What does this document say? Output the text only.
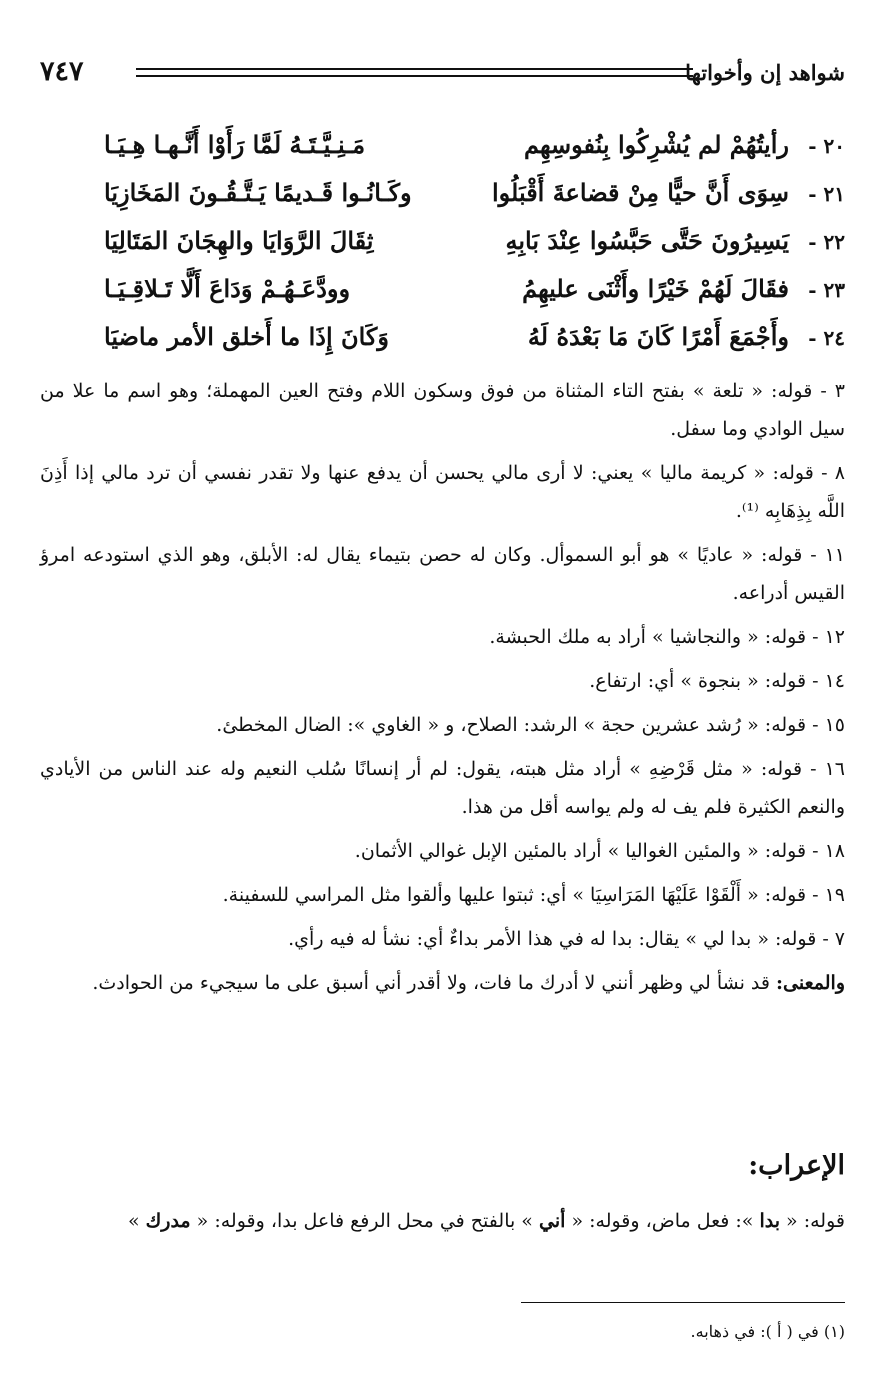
شواهد إن وأخواتها
٧٤٧
٢٠ -
رأيتُهُمْ لم يُشْرِكُوا بِنُفوسِهِم
مَـنِـيَّـتَـهُ لَمَّا رَأَوْا أَنَّـهـا هِـيَـا
٢١ -
سِوَى أَنَّ حيًّا مِنْ قضاعةَ أَقْبَلُوا
وكَـانُـوا قَـديمًا يَـتَّـقُـونَ المَخَازِيَا
٢٢ -
يَسِيرُونَ حَتَّى حَبَّسُوا عِنْدَ بَابِهِ
ثِقَالَ الرَّوَايَا والهِجَانَ المَتَالِيَا
٢٣ -
فقَالَ لَهُمْ خَيْرًا وأَثْنَى عليهِمُ
وودَّعَـهُـمْ وَدَاعَ أَلَّا تَـلاقِـيَـا
٢٤ -
وأَجْمَعَ أَمْرًا كَانَ مَا بَعْدَهُ لَهُ
وَكَانَ إِذَا ما أَخلق الأمر ماضيَا

٣ - قوله: « تلعة » بفتح التاء المثناة من فوق وسكون اللام وفتح العين المهملة؛ وهو اسم ما علا من سيل الوادي وما سفل.

٨ - قوله: « كريمة ماليا » يعني: لا أرى مالي يحسن أن يدفع عنها ولا تقدر نفسي أن ترد مالي إذا أَذِنَ اللَّه بِذِهَابِه ⁽¹⁾.

١١ - قوله: « عاديًا » هو أبو السموأل. وكان له حصن بتيماء يقال له: الأبلق، وهو الذي استودعه امرؤ القيس أدراعه.

١٢ - قوله: « والنجاشيا » أراد به ملك الحبشة.

١٤ - قوله: « بنجوة » أي: ارتفاع.

١٥ - قوله: « رُشد عشرين حجة » الرشد: الصلاح، و « الغاوي »: الضال المخطئ.

١٦ - قوله: « مثل قَرْضِهِ » أراد مثل هبته، يقول: لم أر إنسانًا سُلب النعيم وله عند الناس من الأيادي والنعم الكثيرة فلم يف له ولم يواسه أقل من هذا.

١٨ - قوله: « والمئين الغواليا » أراد بالمئين الإبل غوالي الأثمان.

١٩ - قوله: « أَلْقَوْا عَلَيْهَا المَرَاسِيَا » أي: ثبتوا عليها وألقوا مثل المراسي للسفينة.

٧ - قوله: « بدا لي » يقال: بدا له في هذا الأمر بداءٌ أي: نشأ له فيه رأي.

والمعنى: قد نشأ لي وظهر أنني لا أدرك ما فات، ولا أقدر أني أسبق على ما سيجيء من الحوادث.

الإعراب:
قوله: « بدا »: فعل ماض، وقوله: « أني » بالفتح في محل الرفع فاعل بدا، وقوله: « مدرك »
(١) في ( أ ): في ذهابه.
